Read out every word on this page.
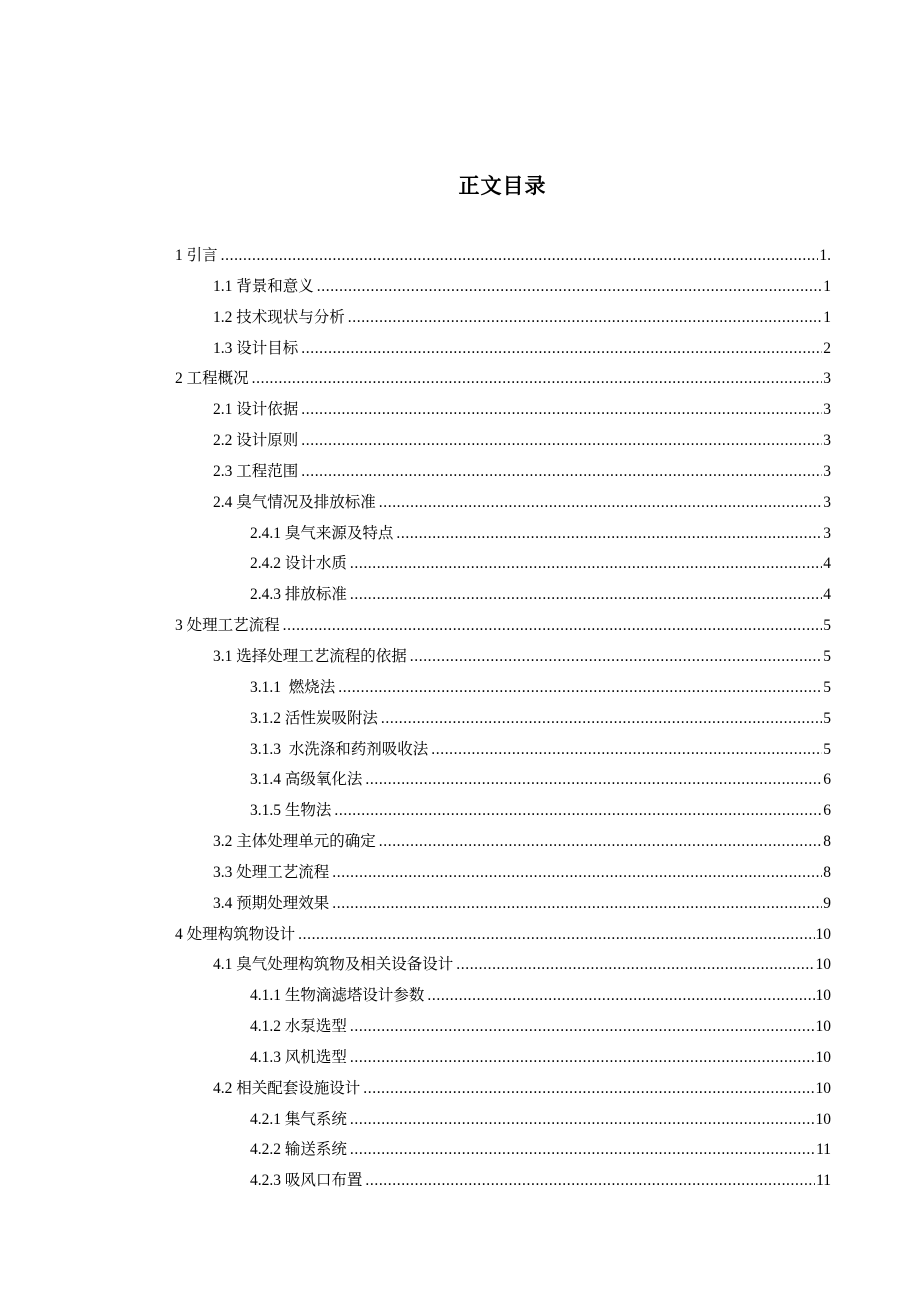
正文目录
1 引言 .....	1.
1.1 背景和意义 .....	1
1.2 技术现状与分析 .....	1
1.3 设计目标 .....	2
2 工程概况 .....	3
2.1 设计依据 .....	3
2.2 设计原则 .....	3
2.3 工程范围 .....	3
2.4 臭气情况及排放标准 .....	3
2.4.1 臭气来源及特点 .....	3
2.4.2 设计水质 .....	4
2.4.3 排放标准 .....	4
3 处理工艺流程 .....	5
3.1 选择处理工艺流程的依据 .....	5
3.1.1  燃烧法 .....	5
3.1.2 活性炭吸附法 .....	5
3.1.3  水洗涤和药剂吸收法 .....	5
3.1.4 高级氧化法 .....	6
3.1.5 生物法 .....	6
3.2 主体处理单元的确定 .....	8
3.3 处理工艺流程 .....	8
3.4 预期处理效果 .....	9
4 处理构筑物设计 .....	10
4.1 臭气处理构筑物及相关设备设计 .....	10
4.1.1 生物滴滤塔设计参数 .....	10
4.1.2 水泵选型 .....	10
4.1.3 风机选型 .....	10
4.2 相关配套设施设计 .....	10
4.2.1 集气系统 .....	10
4.2.2 输送系统 .....	11
4.2.3 吸风口布置 .....	11
